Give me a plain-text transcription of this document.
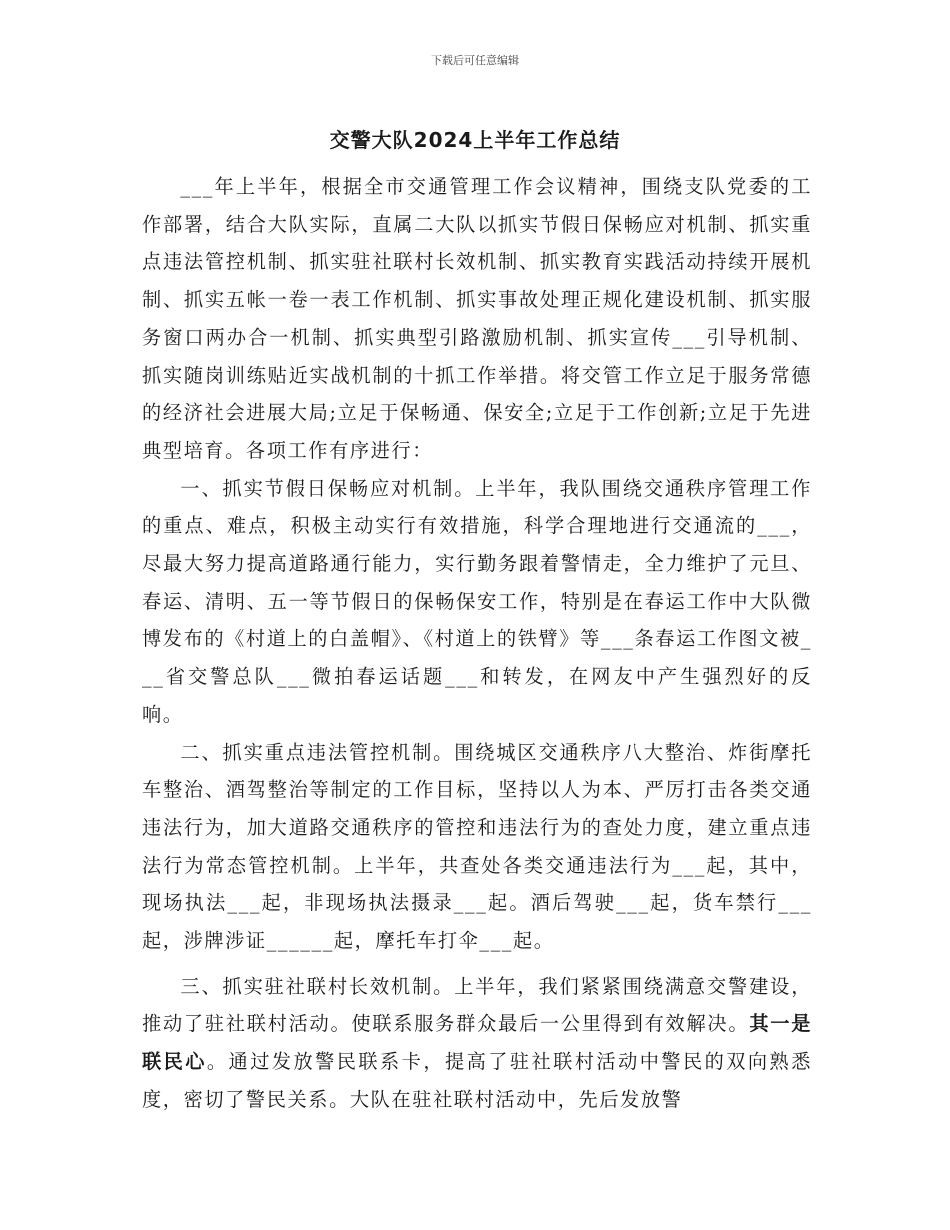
下载后可任意编辑
交警大队2024上半年工作总结

___年上半年，根据全市交通管理工作会议精神，围绕支队党委的工作部署，结合大队实际，直属二大队以抓实节假日保畅应对机制、抓实重点违法管控机制、抓实驻社联村长效机制、抓实教育实践活动持续开展机制、抓实五帐一卷一表工作机制、抓实事故处理正规化建设机制、抓实服务窗口两办合一机制、抓实典型引路激励机制、抓实宣传___引导机制、抓实随岗训练贴近实战机制的十抓工作举措。将交管工作立足于服务常德的经济社会进展大局;立足于保畅通、保安全;立足于工作创新;立足于先进典型培育。各项工作有序进行：

一、抓实节假日保畅应对机制。上半年，我队围绕交通秩序管理工作的重点、难点，积极主动实行有效措施，科学合理地进行交通流的___，尽最大努力提高道路通行能力，实行勤务跟着警情走，全力维护了元旦、春运、清明、五一等节假日的保畅保安工作，特别是在春运工作中大队微博发布的《村道上的白盖帽》、《村道上的铁臂》等___条春运工作图文被___省交警总队___微拍春运话题___和转发，在网友中产生强烈好的反响。

二、抓实重点违法管控机制。围绕城区交通秩序八大整治、炸街摩托车整治、酒驾整治等制定的工作目标，坚持以人为本、严厉打击各类交通违法行为，加大道路交通秩序的管控和违法行为的查处力度，建立重点违法行为常态管控机制。上半年，共查处各类交通违法行为___起，其中，现场执法___起，非现场执法摄录___起。酒后驾驶___起，货车禁行___起，涉牌涉证______起，摩托车打伞___起。

三、抓实驻社联村长效机制。上半年，我们紧紧围绕满意交警建设，推动了驻社联村活动。使联系服务群众最后一公里得到有效解决。其一是联民心。通过发放警民联系卡，提高了驻社联村活动中警民的双向熟悉度，密切了警民关系。大队在驻社联村活动中，先后发放警
